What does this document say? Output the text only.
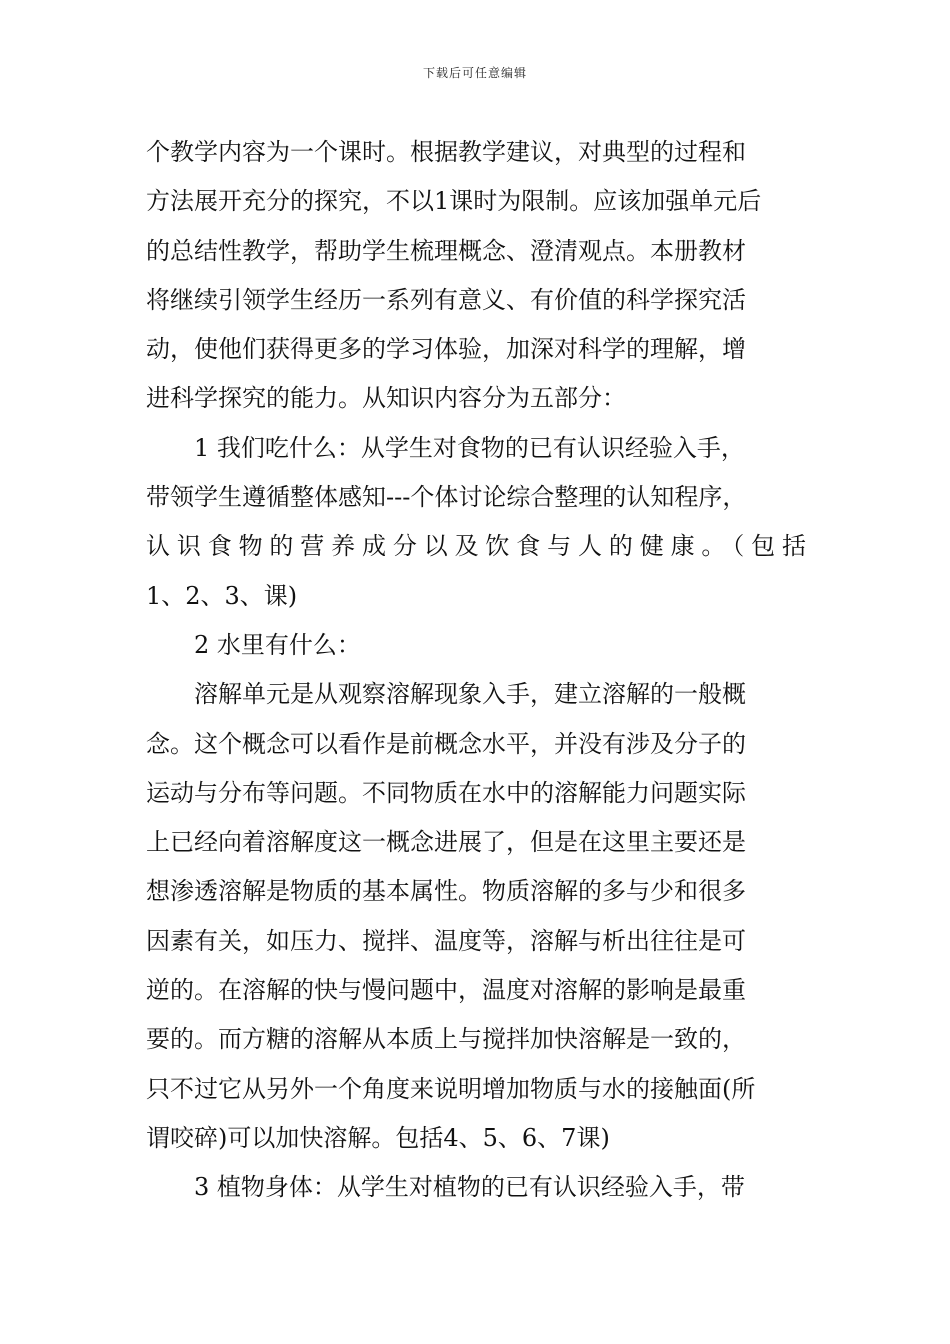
下载后可任意编辑

个教学内容为一个课时。根据教学建议，对典型的过程和

方法展开充分的探究，不以1课时为限制。应该加强单元后

的总结性教学，帮助学生梳理概念、澄清观点。本册教材

将继续引领学生经历一系列有意义、有价值的科学探究活

动，使他们获得更多的学习体验，加深对科学的理解，增

进科学探究的能力。从知识内容分为五部分：

1 我们吃什么：从学生对食物的已有认识经验入手，

带领学生遵循整体感知---个体讨论综合整理的认知程序，

认识食物的营养成分以及饮食与人的健康。（包括

1、2、3、课)

2 水里有什么：

溶解单元是从观察溶解现象入手，建立溶解的一般概

念。这个概念可以看作是前概念水平，并没有涉及分子的

运动与分布等问题。不同物质在水中的溶解能力问题实际

上已经向着溶解度这一概念进展了，但是在这里主要还是

想渗透溶解是物质的基本属性。物质溶解的多与少和很多

因素有关，如压力、搅拌、温度等，溶解与析出往往是可

逆的。在溶解的快与慢问题中，温度对溶解的影响是最重

要的。而方糖的溶解从本质上与搅拌加快溶解是一致的，

只不过它从另外一个角度来说明增加物质与水的接触面(所

谓咬碎)可以加快溶解。包括4、5、6、7课)

3 植物身体：从学生对植物的已有认识经验入手，带
